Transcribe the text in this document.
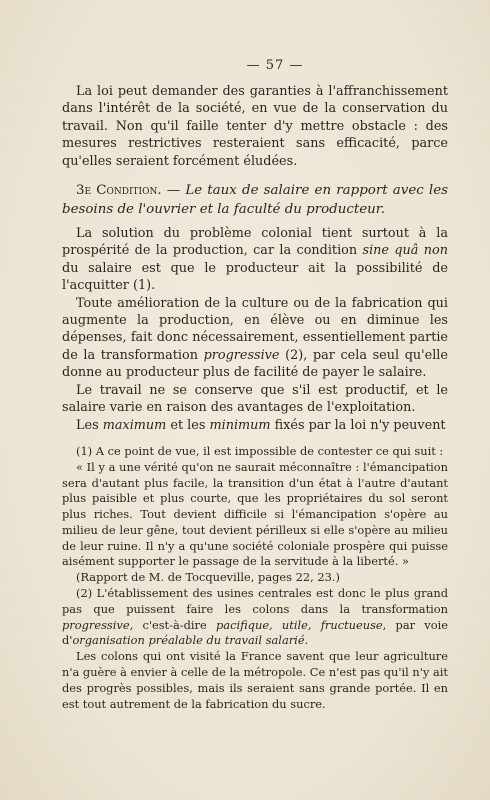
— 57 —

La loi peut demander des garanties à l'affranchissement dans l'intérêt de la société, en vue de la conservation du travail. Non qu'il faille tenter d'y mettre obstacle : des mesures restrictives resteraient sans efficacité, parce qu'elles seraient forcément éludées.

3e Condition. — Le taux de salaire en rapport avec les besoins de l'ouvrier et la faculté du producteur.

La solution du problème colonial tient surtout à la prospérité de la production, car la condition sine quâ non du salaire est que le producteur ait la possibilité de l'acquitter (1).

Toute amélioration de la culture ou de la fabrication qui augmente la production, en élève ou en diminue les dépenses, fait donc nécessairement, essentiellement partie de la transformation progressive (2), par cela seul qu'elle donne au producteur plus de facilité de payer le salaire.

Le travail ne se conserve que s'il est productif, et le salaire varie en raison des avantages de l'exploitation.

Les maximum et les minimum fixés par la loi n'y peuvent

(1) A ce point de vue, il est impossible de contester ce qui suit :

« Il y a une vérité qu'on ne saurait méconnaître : l'émancipation sera d'autant plus facile, la transition d'un état à l'autre d'autant plus paisible et plus courte, que les propriétaires du sol seront plus riches. Tout devient difficile si l'émancipation s'opère au milieu de leur gêne, tout devient périlleux si elle s'opère au milieu de leur ruine. Il n'y a qu'une société coloniale prospère qui puisse aisément supporter le passage de la servitude à la liberté. »

(Rapport de M. de Tocqueville, pages 22, 23.)

(2) L'établissement des usines centrales est donc le plus grand pas que puissent faire les colons dans la transformation progressive, c'est-à-dire pacifique, utile, fructueuse, par voie d'organisation préalable du travail salarié.

Les colons qui ont visité la France savent que leur agriculture n'a guère à envier à celle de la métropole. Ce n'est pas qu'il n'y ait des progrès possibles, mais ils seraient sans grande portée. Il en est tout autrement de la fabrication du sucre.
